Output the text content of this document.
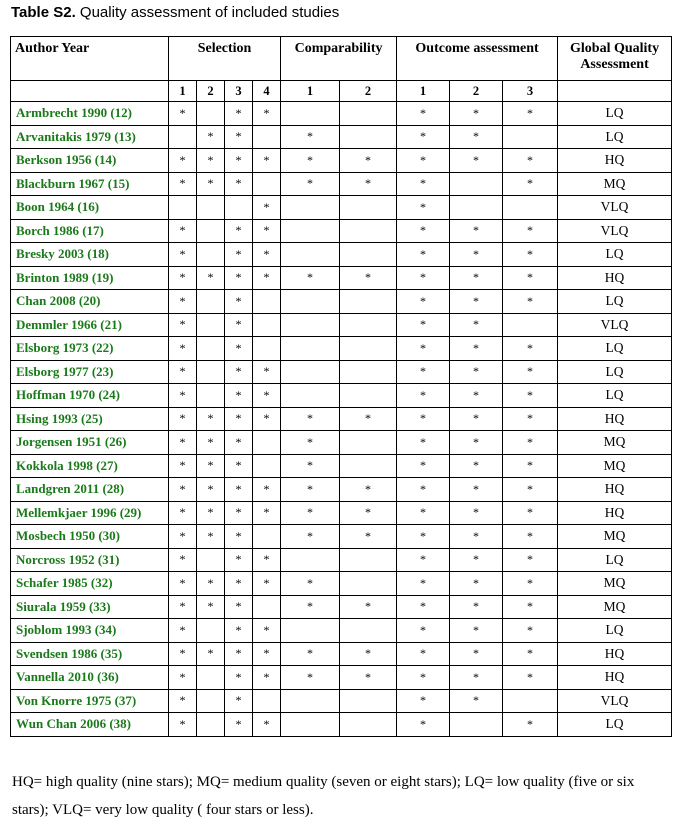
Table S2. Quality assessment of included studies
Author Year	Selection				Comparability		Outcome assessment			Global Quality Assessment
	1	2	3	4	1	2	1	2	3	
Armbrecht 1990 (12)	*		*	*			*	*	*	LQ
Arvanitakis 1979 (13)		*	*		*		*	*		LQ
Berkson 1956 (14)	*	*	*	*	*	*	*	*	*	HQ
Blackburn 1967 (15)	*	*	*		*	*	*		*	MQ
Boon 1964 (16)				*			*			VLQ
Borch 1986 (17)	*		*	*			*	*	*	VLQ
Bresky 2003 (18)	*		*	*			*	*	*	LQ
Brinton 1989 (19)	*	*	*	*	*	*	*	*	*	HQ
Chan 2008 (20)	*		*				*	*	*	LQ
Demmler 1966 (21)	*		*				*	*		VLQ
Elsborg 1973 (22)	*		*				*	*	*	LQ
Elsborg 1977 (23)	*		*	*			*	*	*	LQ
Hoffman 1970 (24)	*		*	*			*	*	*	LQ
Hsing 1993 (25)	*	*	*	*	*	*	*	*	*	HQ
Jorgensen 1951 (26)	*	*	*		*		*	*	*	MQ
Kokkola 1998 (27)	*	*	*		*		*	*	*	MQ
Landgren 2011 (28)	*	*	*	*	*	*	*	*	*	HQ
Mellemkjaer 1996 (29)	*	*	*	*	*	*	*	*	*	HQ
Mosbech 1950 (30)	*	*	*		*	*	*	*	*	MQ
Norcross 1952 (31)	*		*	*			*	*	*	LQ
Schafer 1985 (32)	*	*	*	*	*		*	*	*	MQ
Siurala 1959 (33)	*	*	*		*	*	*	*	*	MQ
Sjoblom 1993 (34)	*		*	*			*	*	*	LQ
Svendsen 1986 (35)	*	*	*	*	*	*	*	*	*	HQ
Vannella 2010 (36)	*		*	*	*	*	*	*	*	HQ
Von Knorre 1975 (37)	*		*				*	*		VLQ
Wun Chan 2006 (38)	*		*	*			*		*	LQ
HQ= high quality (nine stars); MQ= medium quality (seven or eight stars); LQ= low quality (five or six stars); VLQ= very low quality ( four stars or less).
